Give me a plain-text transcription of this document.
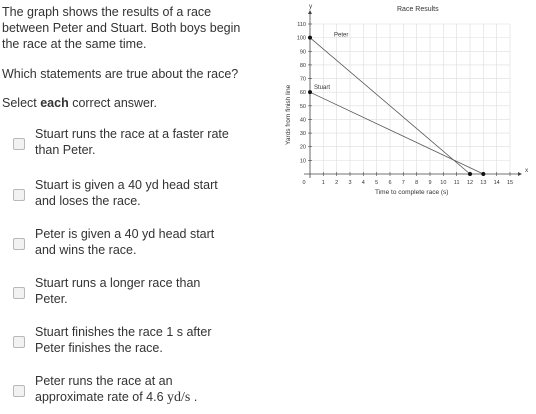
The graph shows the results of a race between Peter and Stuart. Both boys begin the race at the same time.

Which statements are true about the race?

Select each correct answer.

Stuart runs the race at a faster rate than Peter.
Stuart is given a 40 yd head start and loses the race.
Peter is given a 40 yd head start and wins the race.
Stuart runs a longer race than Peter.
Stuart finishes the race 1 s after Peter finishes the race.
Peter runs the race at an approximate rate of 4.6 yd/s .
x
y
1 2 3 4 5 6 7 8 9 10 11 12 13 14 15
10
20
30
40
50
60
70
80
90
100
110
0
Peter
Stuart
Race Results
Time to complete race (s)
Yards from finish line
